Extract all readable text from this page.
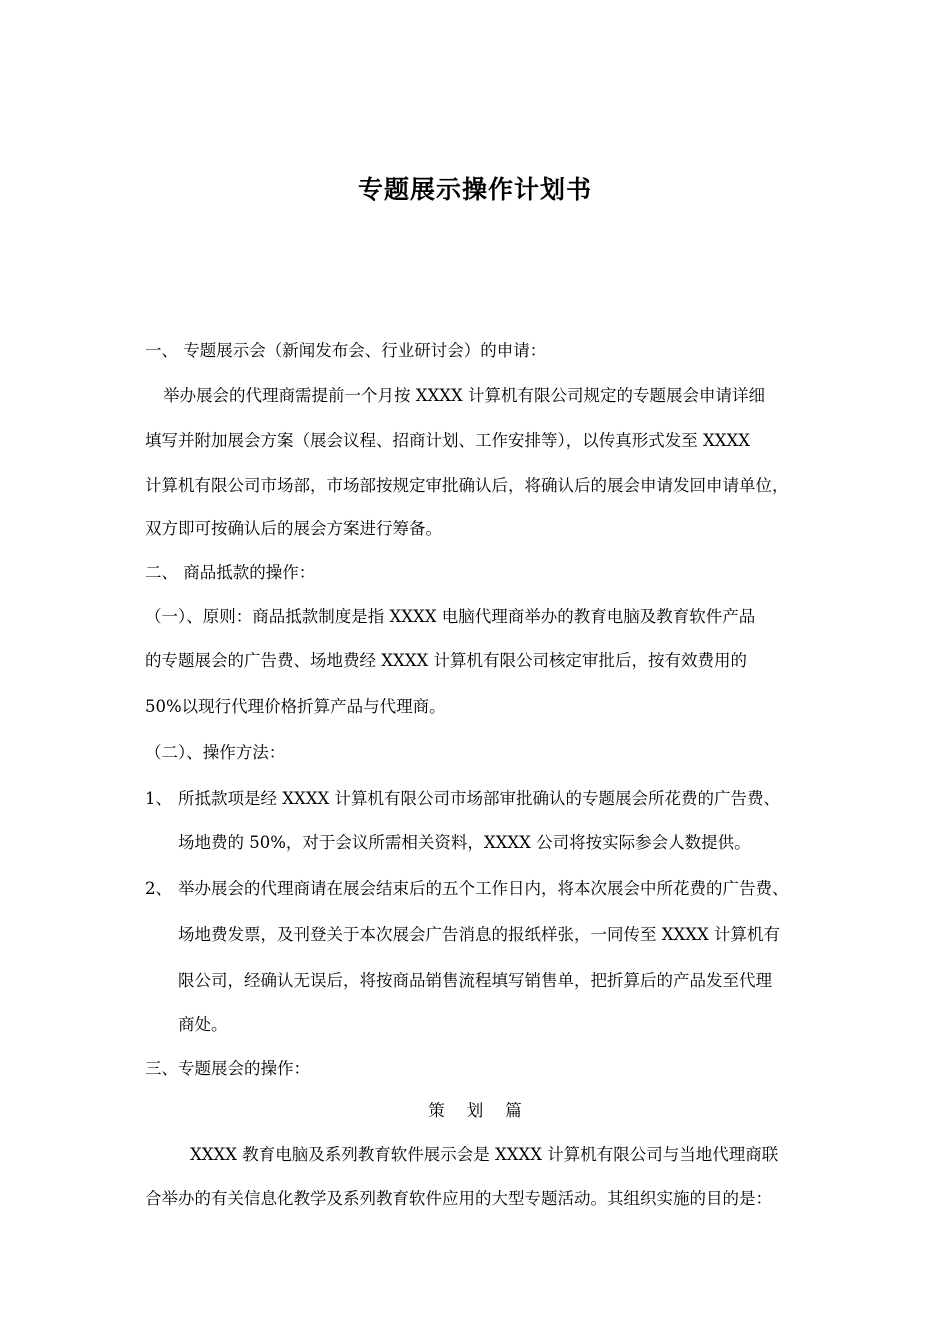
专题展示操作计划书
一、 专题展示会（新闻发布会、行业研讨会）的申请：
举办展会的代理商需提前一个月按 XXXX 计算机有限公司规定的专题展会申请详细
填写并附加展会方案（展会议程、招商计划、工作安排等），以传真形式发至 XXXX
计算机有限公司市场部，市场部按规定审批确认后，将确认后的展会申请发回申请单位，
双方即可按确认后的展会方案进行筹备。
二、 商品抵款的操作：
（一）、原则：商品抵款制度是指 XXXX 电脑代理商举办的教育电脑及教育软件产品
的专题展会的广告费、场地费经 XXXX 计算机有限公司核定审批后，按有效费用的
50%以现行代理价格折算产品与代理商。
（二）、操作方法：
1、 所抵款项是经 XXXX 计算机有限公司市场部审批确认的专题展会所花费的广告费、
场地费的 50%，对于会议所需相关资料，XXXX 公司将按实际参会人数提供。
2、 举办展会的代理商请在展会结束后的五个工作日内，将本次展会中所花费的广告费、
场地费发票，及刊登关于本次展会广告消息的报纸样张，一同传至 XXXX 计算机有
限公司，经确认无误后，将按商品销售流程填写销售单，把折算后的产品发至代理
商处。
三、专题展会的操作：
策划篇
XXXX 教育电脑及系列教育软件展示会是 XXXX 计算机有限公司与当地代理商联
合举办的有关信息化教学及系列教育软件应用的大型专题活动。其组织实施的目的是：
